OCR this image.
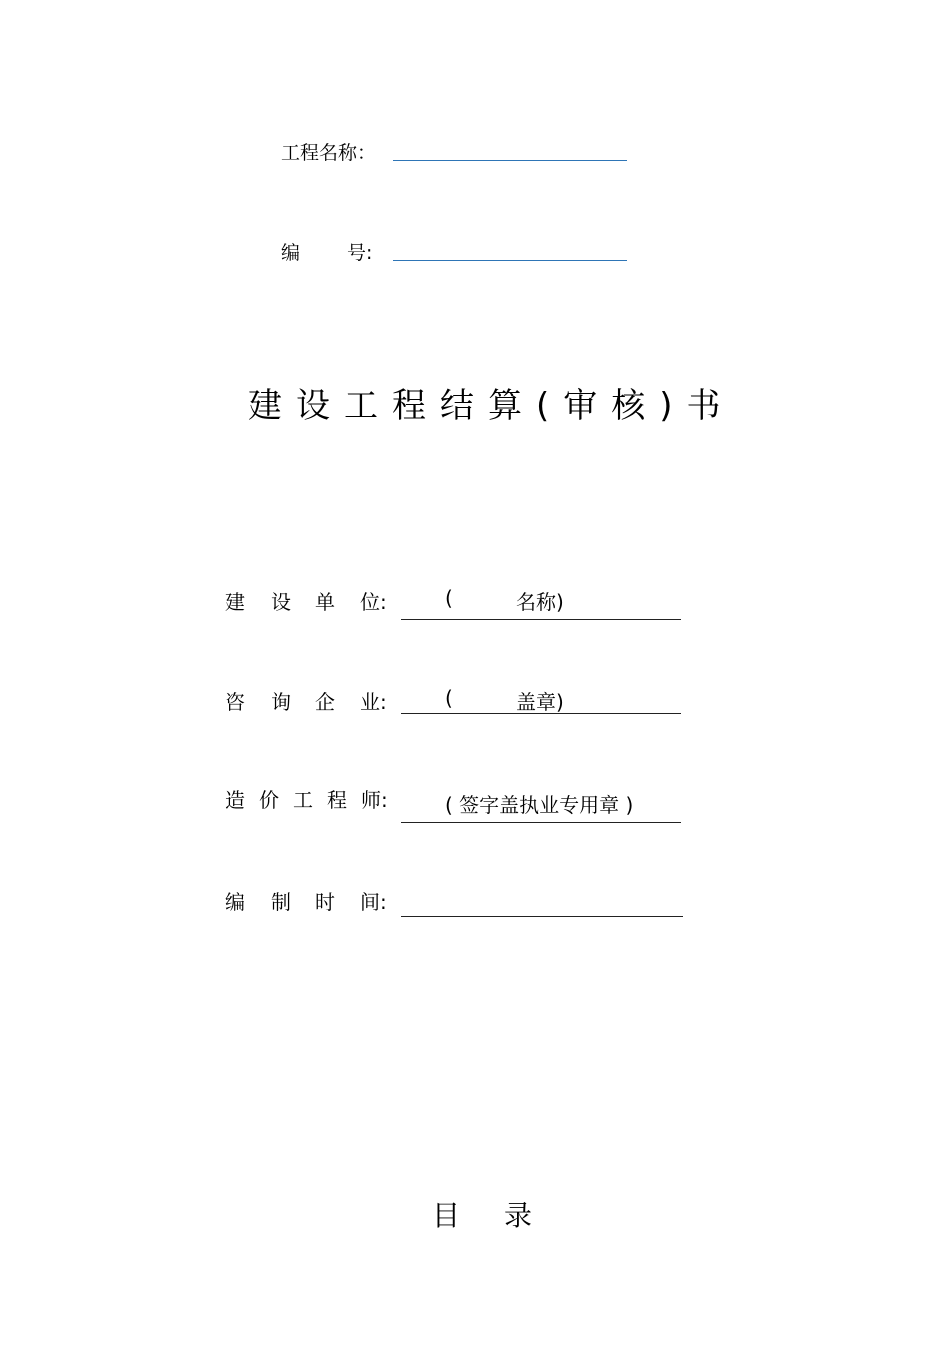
工程名称：
编 号:
建设工程结算(审核)书
建 设 单 位:	(	名称)
咨 询 企 业:	(	盖章)
造 价 工 程 师:	( 签字盖执业专用章 )
编 制 时 间:
目录
